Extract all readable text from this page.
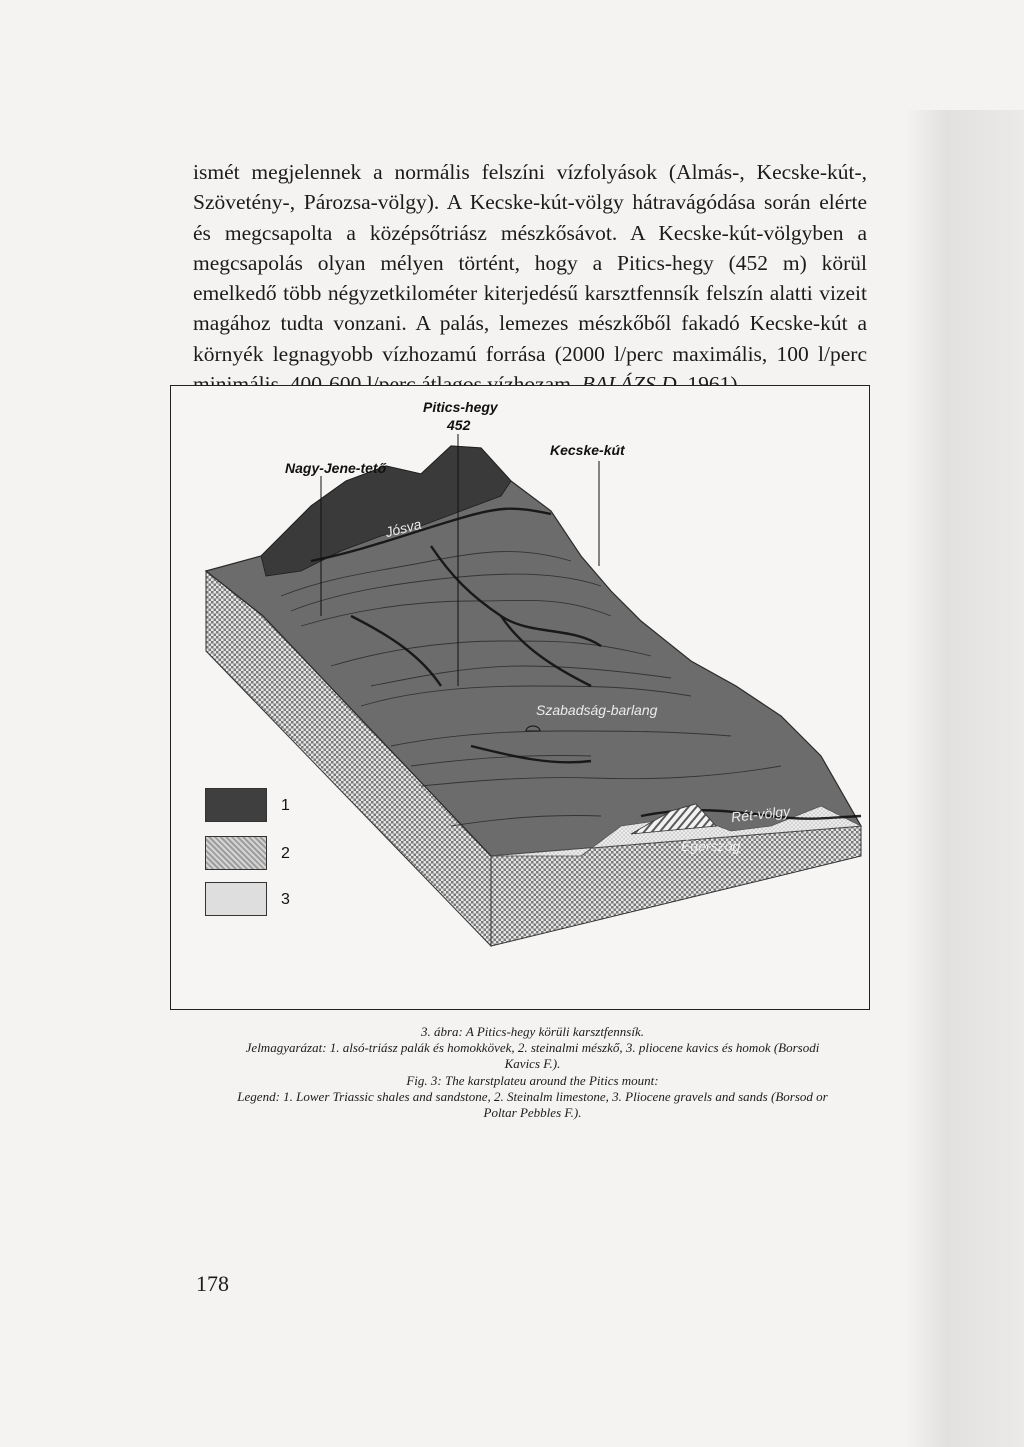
ismét megjelennek a normális felszíni vízfolyások (Almás-, Kecske-kút-, Szövetény-, Pározsa-völgy). A Kecske-kút-völgy hátravágódása során elérte és megcsapolta a középsőtriász mészkősávot. A Kecske-kút-völgyben a megcsapolás olyan mélyen történt, hogy a Pitics-hegy (452 m) körül emelkedő több négyzetkilométer kiterjedésű karsztfennsík felszín alatti vizeit magához tudta vonzani. A palás, lemezes mészkőből fakadó Kecske-kút a környék legnagyobb vízhozamú forrása (2000 l/perc maximális, 100 l/perc

Pitics-hegy
452
Kecske-kút
Nagy-Jene-tető
Jósva
Szabadság-barlang
Rét-völgy
Égerszög
1
2
3
3. ábra: A Pitics-hegy körüli karsztfennsík.
Jelmagyarázat: 1. alsó-triász palák és homokkövek, 2. steinalmi mészkő, 3. pliocene kavics és homok (Borsodi
Kavics F.).
Fig. 3: The karstplateu around the Pitics mount:
Legend: 1. Lower Triassic shales and sandstone, 2. Steinalm limestone, 3. Pliocene gravels and sands (Borsod or
Poltar Pebbles F.).
178
